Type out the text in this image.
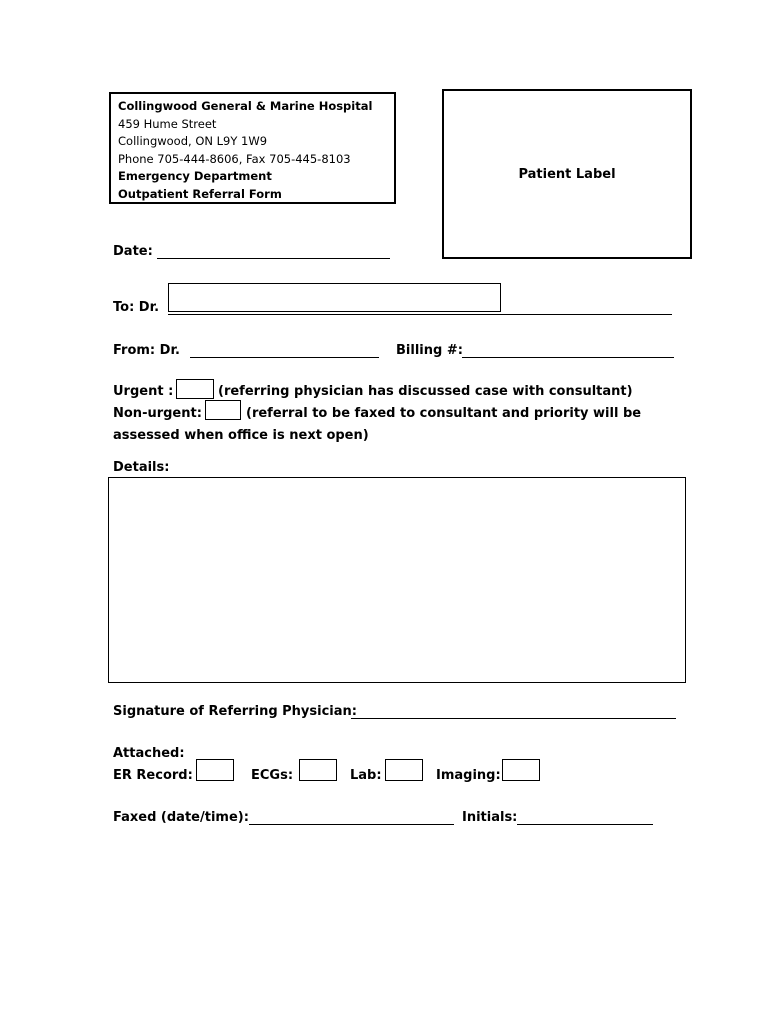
Collingwood General & Marine Hospital
459 Hume Street
Collingwood, ON L9Y 1W9
Phone 705-444-8606, Fax 705-445-8103
Emergency Department
Outpatient Referral Form
Patient Label
Date:
To: Dr.
From: Dr.	Billing #:
Urgent :	(referring physician has discussed case with consultant)
Non-urgent:	(referral to be faxed to consultant and priority will be
assessed when office is next open)
Details:
Signature of Referring Physician:
Attached:
ER Record:	ECGs:	Lab:	Imaging:
Faxed (date/time):	Initials:
